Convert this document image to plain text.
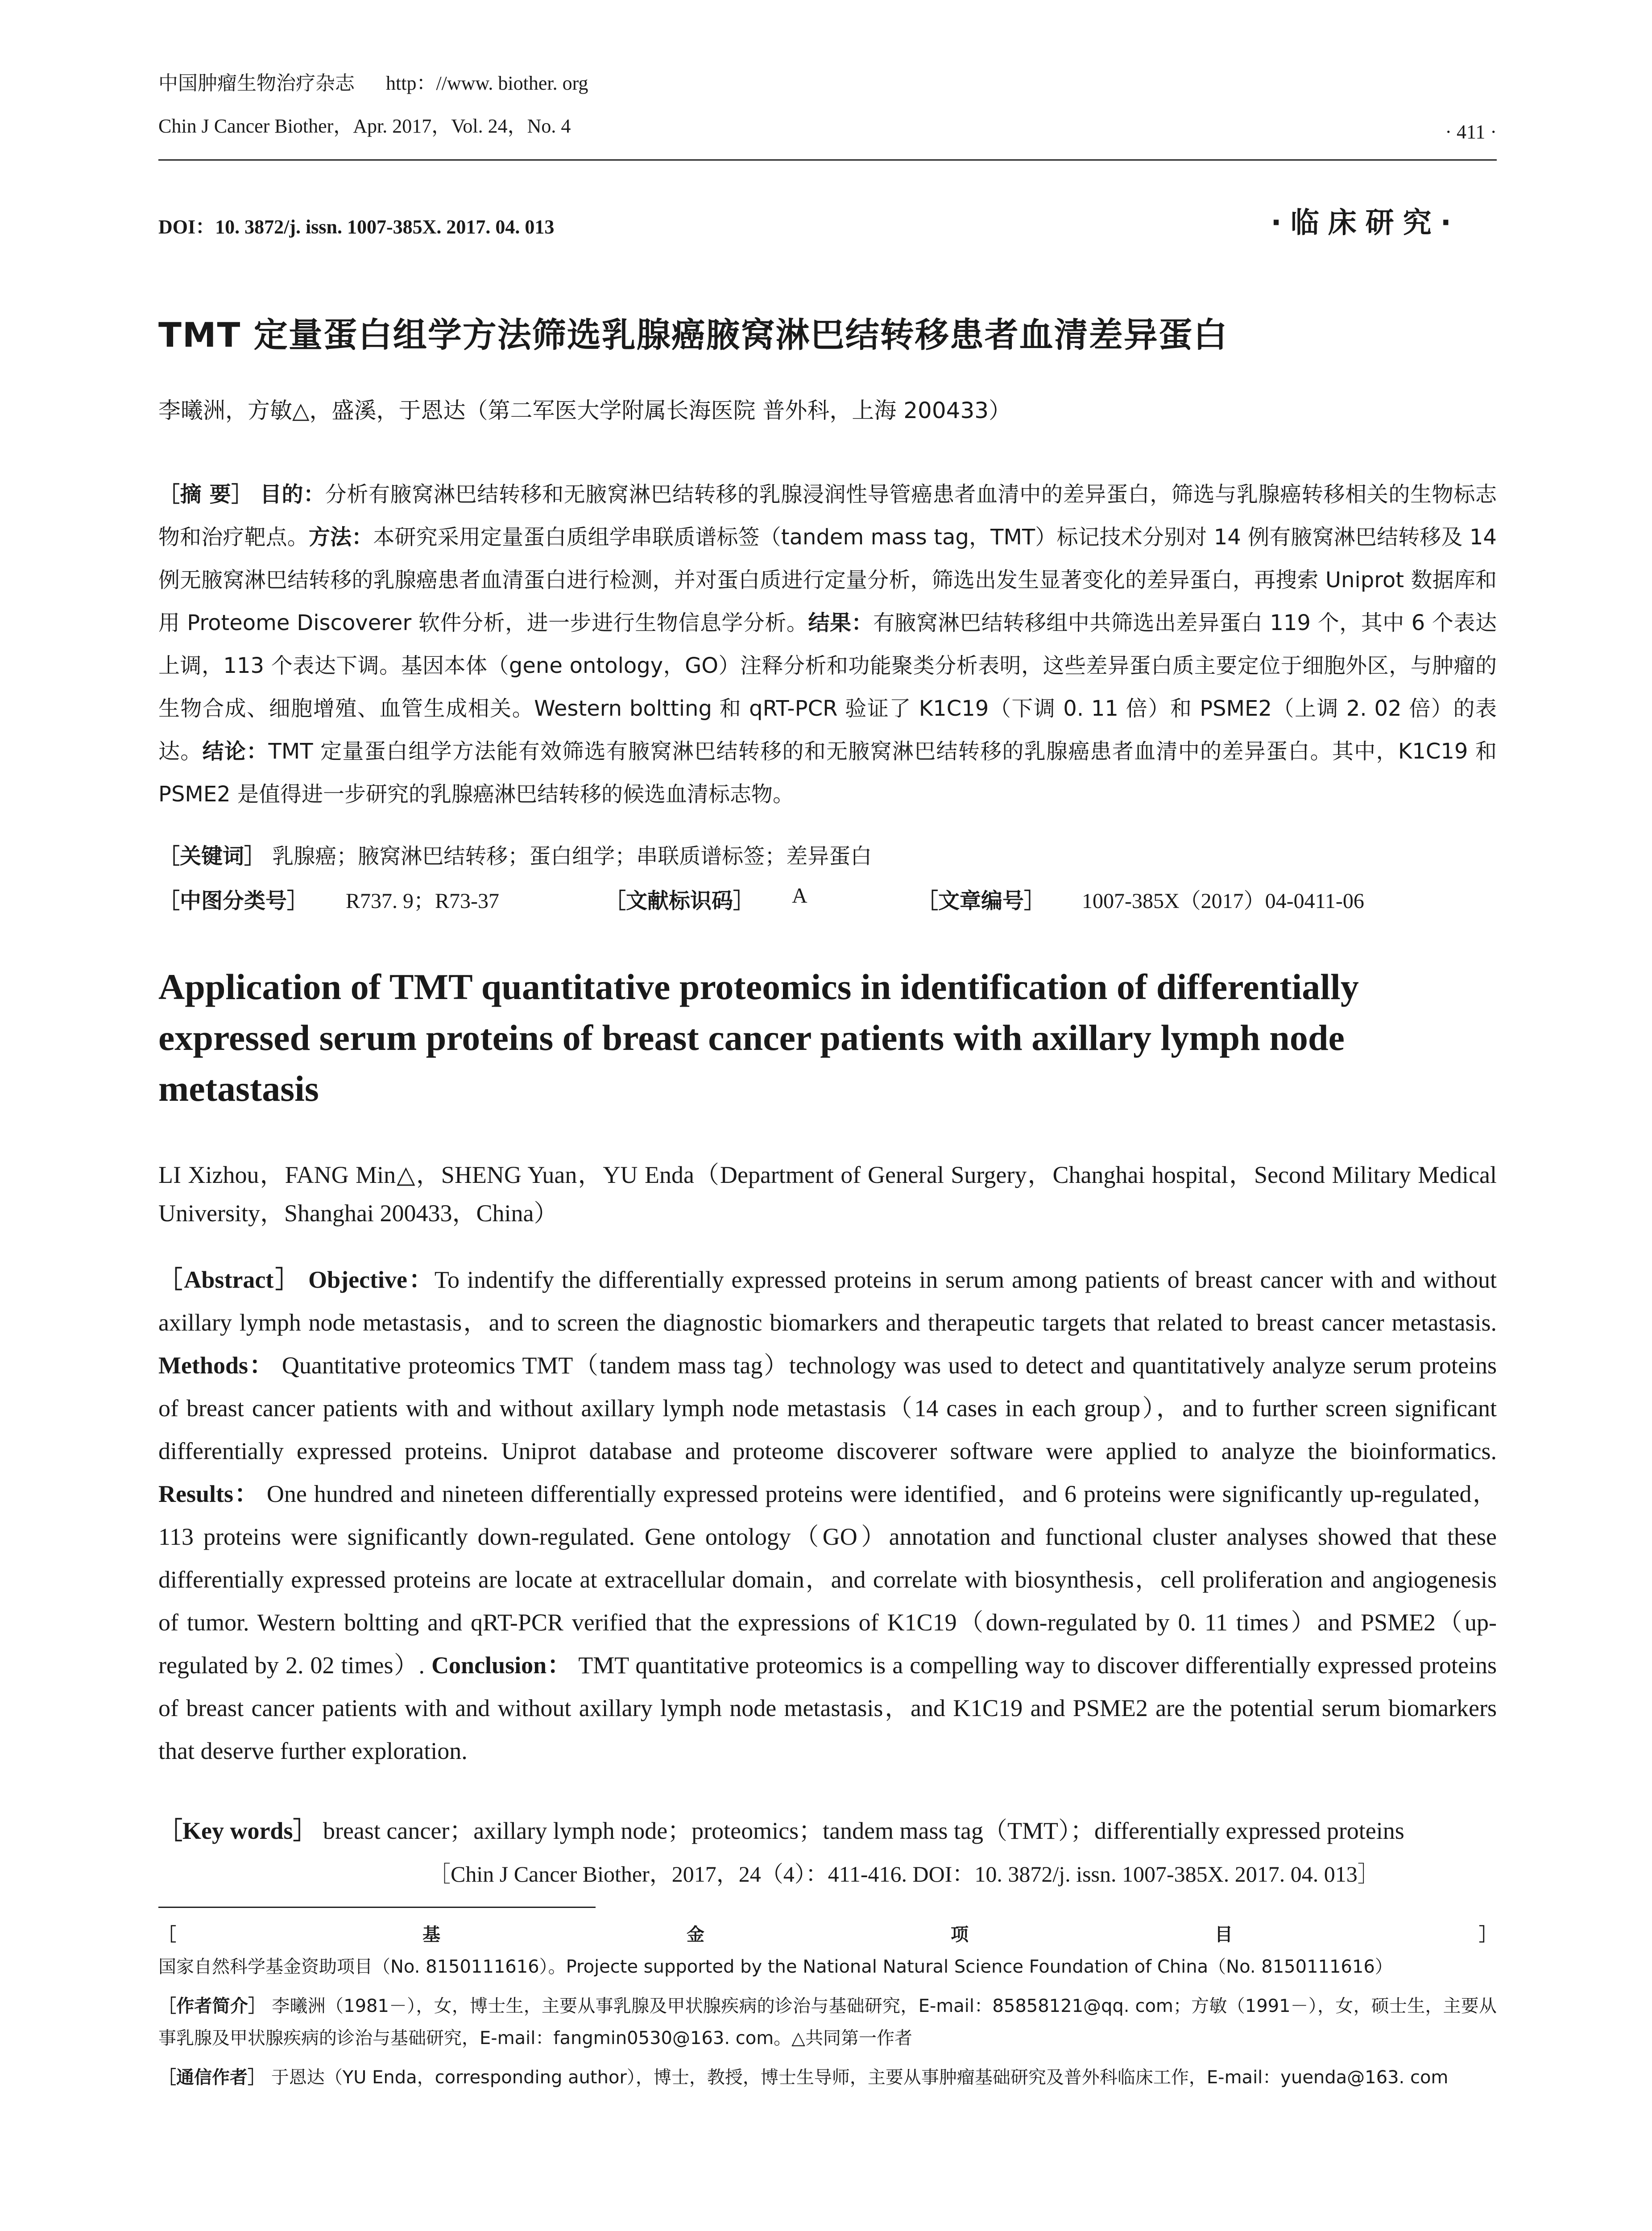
中国肿瘤生物治疗杂志 http：//www. biother. org
Chin J Cancer Biother，Apr. 2017，Vol. 24，No. 4	· 411 ·
DOI：10. 3872/j. issn. 1007-385X. 2017. 04. 013	·临床研究·
TMT 定量蛋白组学方法筛选乳腺癌腋窝淋巴结转移患者血清差异蛋白
李曦洲，方敏△，盛溪，于恩达（第二军医大学附属长海医院 普外科，上海 200433）
［摘 要］ 目的：分析有腋窝淋巴结转移和无腋窝淋巴结转移的乳腺浸润性导管癌患者血清中的差异蛋白，筛选与乳腺癌转移相关的生物标志物和治疗靶点。方法：本研究采用定量蛋白质组学串联质谱标签（tandem mass tag，TMT）标记技术分别对 14 例有腋窝淋巴结转移及 14 例无腋窝淋巴结转移的乳腺癌患者血清蛋白进行检测，并对蛋白质进行定量分析，筛选出发生显著变化的差异蛋白，再搜索 Uniprot 数据库和用 Proteome Discoverer 软件分析，进一步进行生物信息学分析。结果：有腋窝淋巴结转移组中共筛选出差异蛋白 119 个，其中 6 个表达上调，113 个表达下调。基因本体（gene ontology，GO）注释分析和功能聚类分析表明，这些差异蛋白质主要定位于细胞外区，与肿瘤的生物合成、细胞增殖、血管生成相关。Western boltting 和 qRT-PCR 验证了 K1C19（下调 0. 11 倍）和 PSME2（上调 2. 02 倍）的表达。结论：TMT 定量蛋白组学方法能有效筛选有腋窝淋巴结转移的和无腋窝淋巴结转移的乳腺癌患者血清中的差异蛋白。其中，K1C19 和 PSME2 是值得进一步研究的乳腺癌淋巴结转移的候选血清标志物。
［关键词］ 乳腺癌；腋窝淋巴结转移；蛋白组学；串联质谱标签；差异蛋白
［中图分类号］ R737. 9；R73-37	［文献标识码］ A	［文章编号］ 1007-385X（2017）04-0411-06
Application of TMT quantitative proteomics in identification of differentially expressed serum proteins of breast cancer patients with axillary lymph node metastasis
LI Xizhou，FANG Min△，SHENG Yuan，YU Enda（Department of General Surgery，Changhai hospital，Second Military Medical University，Shanghai 200433，China）
［Abstract］ Objective：To indentify the differentially expressed proteins in serum among patients of breast cancer with and without axillary lymph node metastasis，and to screen the diagnostic biomarkers and therapeutic targets that related to breast cancer metastasis. Methods： Quantitative proteomics TMT（tandem mass tag）technology was used to detect and quantitatively analyze serum proteins of breast cancer patients with and without axillary lymph node metastasis（14 cases in each group），and to further screen significant differentially expressed proteins. Uniprot database and proteome discoverer software were applied to analyze the bioinformatics. Results： One hundred and nineteen differentially expressed proteins were identified，and 6 proteins were significantly up-regulated，113 proteins were significantly down-regulated. Gene ontology（GO）annotation and functional cluster analyses showed that these differentially expressed proteins are locate at extracellular domain，and correlate with biosynthesis，cell proliferation and angiogenesis of tumor. Western boltting and qRT-PCR verified that the expressions of K1C19（down-regulated by 0. 11 times）and PSME2（up-regulated by 2. 02 times）. Conclusion： TMT quantitative proteomics is a compelling way to discover differentially expressed proteins of breast cancer patients with and without axillary lymph node metastasis，and K1C19 and PSME2 are the potential serum biomarkers that deserve further exploration.
［Key words］ breast cancer；axillary lymph node；proteomics；tandem mass tag（TMT）；differentially expressed proteins
［Chin J Cancer Biother，2017，24（4）：411-416. DOI：10. 3872/j. issn. 1007-385X. 2017. 04. 013］
［基金项目］ 国家自然科学基金资助项目（No. 8150111616）。Projecte supported by the National Natural Science Foundation of China（No. 8150111616）
［作者简介］ 李曦洲（1981－），女，博士生，主要从事乳腺及甲状腺疾病的诊治与基础研究，E-mail：85858121@qq. com；方敏（1991－），女，硕士生，主要从事乳腺及甲状腺疾病的诊治与基础研究，E-mail：fangmin0530@163. com。△共同第一作者
［通信作者］ 于恩达（YU Enda，corresponding author），博士，教授，博士生导师，主要从事肿瘤基础研究及普外科临床工作，E-mail：yuenda@163. com
